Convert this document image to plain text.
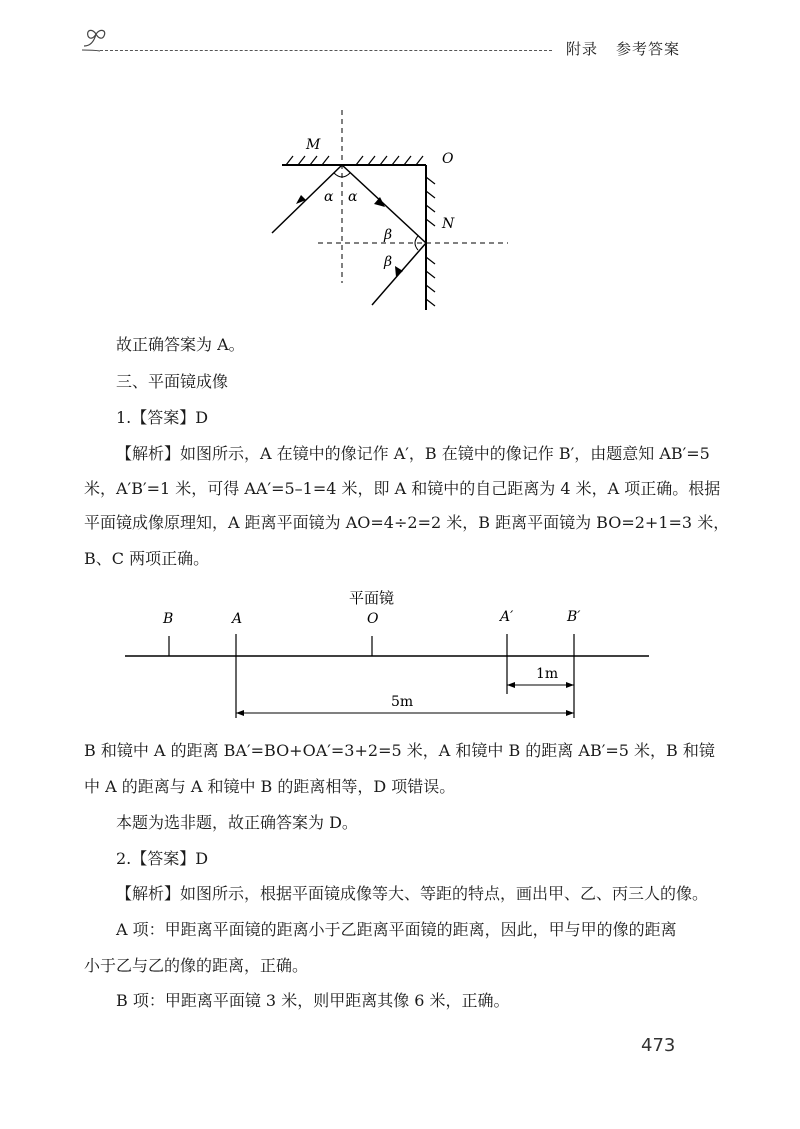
附录 参考答案
M
O
N
α α
β
β
故正确答案为 A。
三、平面镜成像
1.【答案】D
【解析】如图所示，A 在镜中的像记作 A′，B 在镜中的像记作 B′，由题意知 AB′=5
米，A′B′=1 米，可得 AA′=5–1=4 米，即 A 和镜中的自己距离为 4 米，A 项正确。根据
平面镜成像原理知，A 距离平面镜为 AO=4÷2=2 米，B 距离平面镜为 BO=2+1=3 米，
B、C 两项正确。
平面镜
B	A	O	A′	B′
1m
5m
B 和镜中 A 的距离 BA′=BO+OA′=3+2=5 米，A 和镜中 B 的距离 AB′=5 米，B 和镜
中 A 的距离与 A 和镜中 B 的距离相等，D 项错误。
本题为选非题，故正确答案为 D。
2.【答案】D
【解析】如图所示，根据平面镜成像等大、等距的特点，画出甲、乙、丙三人的像。
A 项：甲距离平面镜的距离小于乙距离平面镜的距离，因此，甲与甲的像的距离
小于乙与乙的像的距离，正确。
B 项：甲距离平面镜 3 米，则甲距离其像 6 米，正确。
473
